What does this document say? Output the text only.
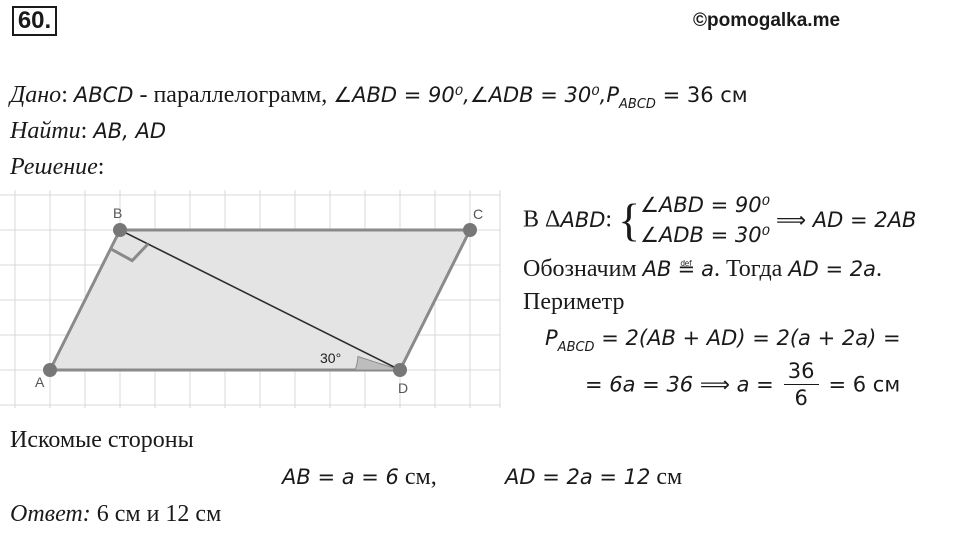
60.	©pomogalka.me
Дано: ABCD - параллелограмм, ∠ABD = 90⁰,∠ADB = $30^0,P_{ABCD} = 36$ см
Найти: AB, AD
Решение:
30°
A
B	C
D
В ΔABD: { ∠ABD = 90⁰
∠ADB = 30⁰
⟹ AD = 2AB
Обозначим AB ≝ a. Тогда AD = 2a.
Периметр
$P_{ABCD} = 2(AB + AD) = 2(a + 2a)$ =
= 6a = 36 ⟹ $a = \frac{36}{6} = 6$ см
Искомые стороны
AB = a = 6 см,	AD = 2a = 12 см
Ответ: 6 см и 12 см
